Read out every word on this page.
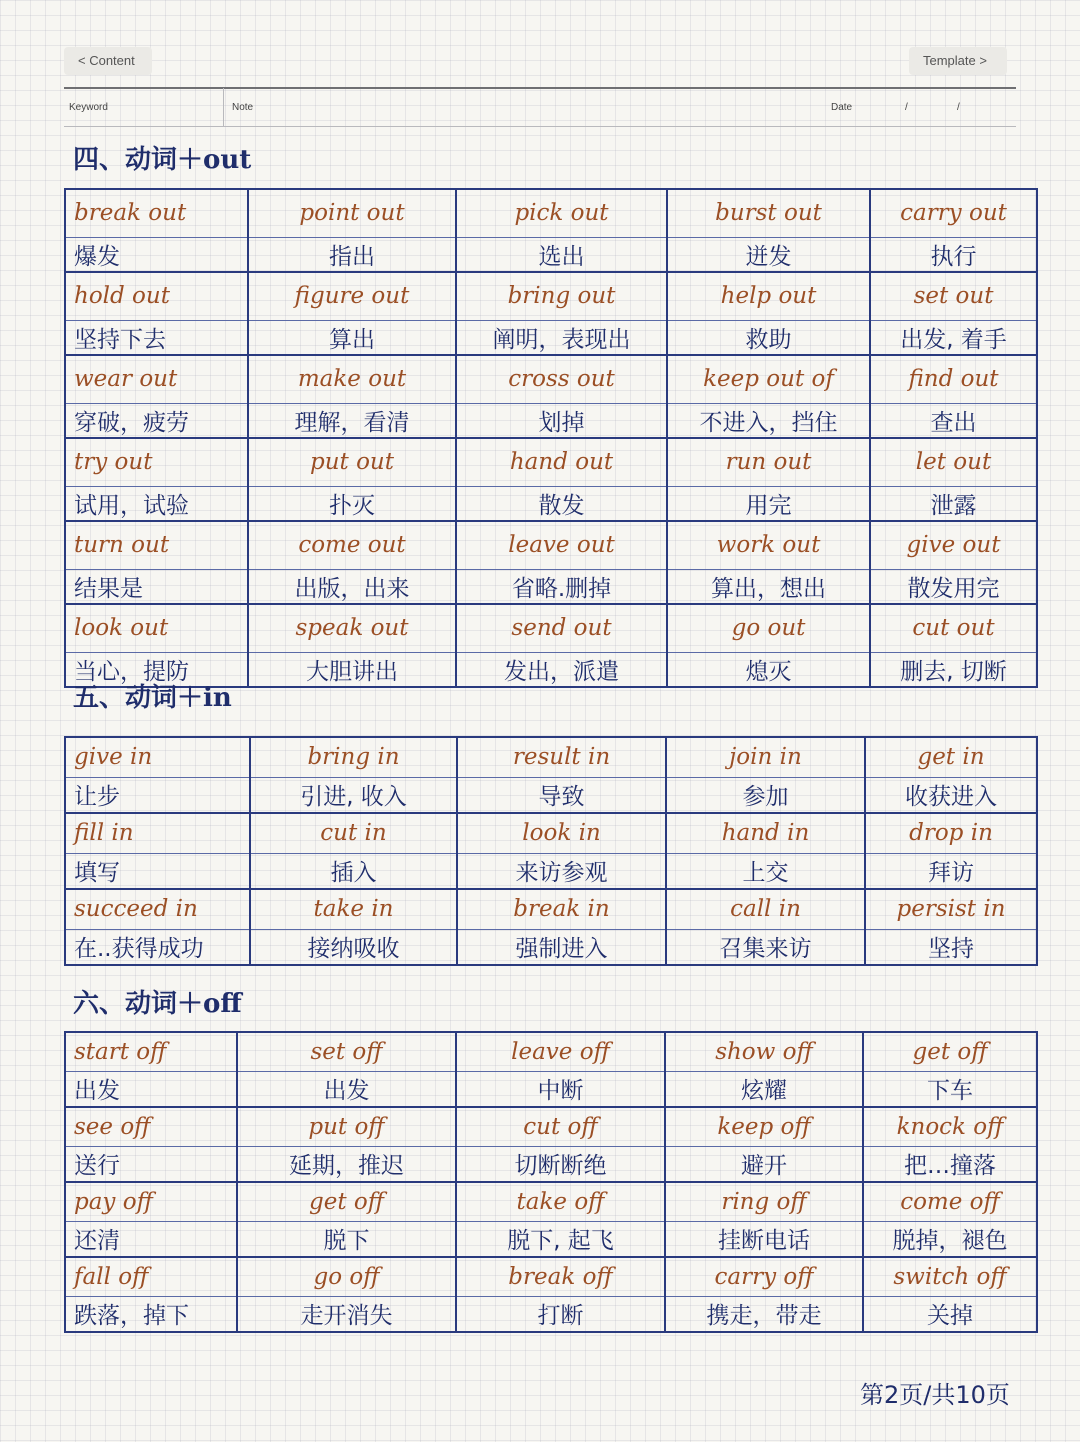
< Content	Template >
Keyword	Note	Date	/	/
四、动词＋out
break out	point out	pick out	burst out	carry out
爆发	指出	选出	迸发	执行
hold out	figure out	bring out	help out	set out
坚持下去	算出	阐明，表现出	救助	出发, 着手
wear out	make out	cross out	keep out of	find out
穿破，疲劳	理解，看清	划掉	不进入，挡住	查出
try out	put out	hand out	run out	let out
试用，试验	扑灭	散发	用完	泄露
turn out	come out	leave out	work out	give out
结果是	出版，出来	省略.删掉	算出，想出	散发用完
look out	speak out	send out	go out	cut out
当心，提防	大胆讲出	发出，派遣	熄灭	删去, 切断
五、动词＋in
give in	bring in	result in	join in	get in
让步	引进, 收入	导致	参加	收获进入
fill in	cut in	look in	hand in	drop in
填写	插入	来访参观	上交	拜访
succeed in	take in	break in	call in	persist in
在..获得成功	接纳吸收	强制进入	召集来访	坚持
六、动词＋off
start off	set off	leave off	show off	get off
出发	出发	中断	炫耀	下车
see off	put off	cut off	keep off	knock off
送行	延期，推迟	切断断绝	避开	把…撞落
pay off	get off	take off	ring off	come off
还清	脱下	脱下, 起飞	挂断电话	脱掉，褪色
fall off	go off	break off	carry off	switch off
跌落，掉下	走开消失	打断	携走，带走	关掉
第2页/共10页
